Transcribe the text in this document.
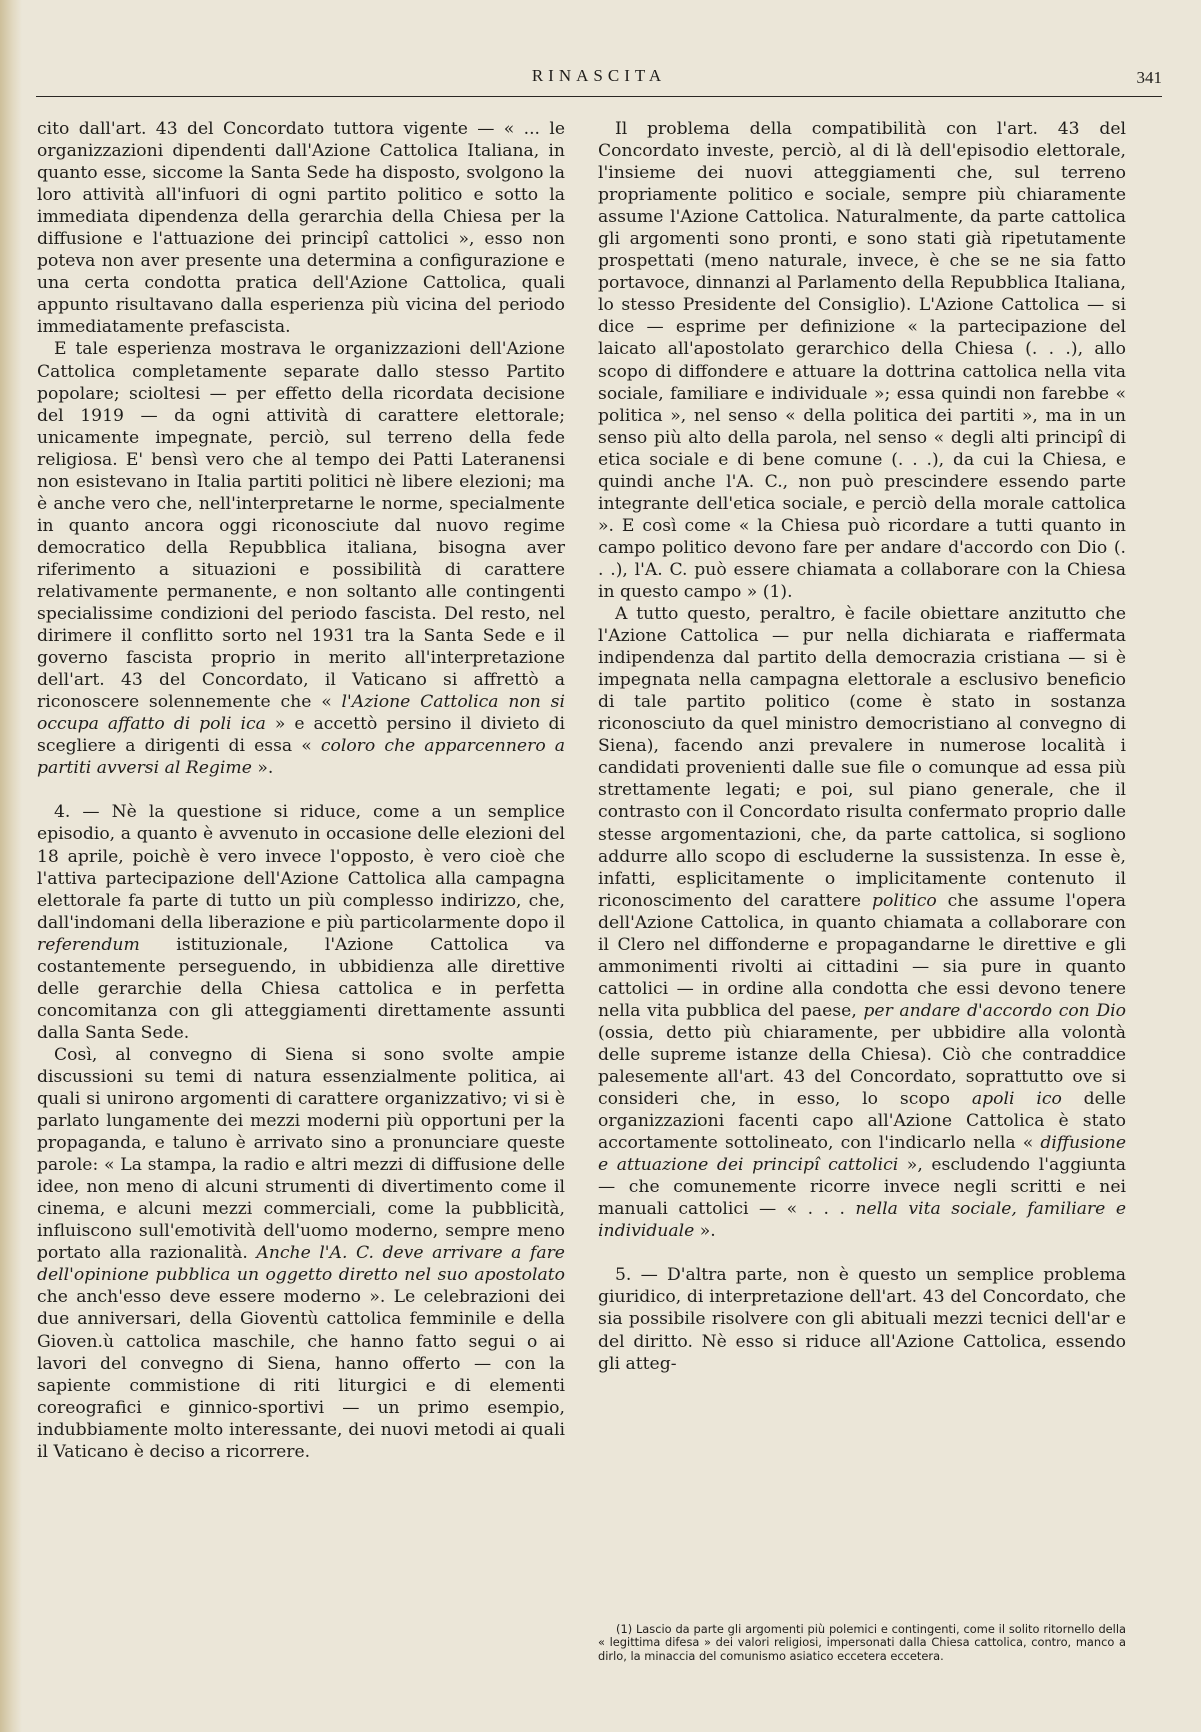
RINASCITA	341

cito dall'art. 43 del Concordato tuttora vigente — « ... le organizzazioni dipendenti dall'Azione Cattolica Italiana, in quanto esse, siccome la Santa Sede ha disposto, svolgono la loro attività all'infuori di ogni partito politico e sotto la immediata dipendenza della gerarchia della Chiesa per la diffusione e l'attuazione dei principî cattolici », esso non poteva non aver presente una determina a configurazione e una certa condotta pratica dell'Azione Cattolica, quali appunto risultavano dalla esperienza più vicina del periodo immediatamente prefascista.

E tale esperienza mostrava le organizzazioni dell'Azione Cattolica completamente separate dallo stesso Partito popolare; scioltesi — per effetto della ricordata decisione del 1919 — da ogni attività di carattere elettorale; unicamente impegnate, perciò, sul terreno della fede religiosa. E' bensì vero che al tempo dei Patti Lateranensi non esistevano in Italia partiti politici nè libere elezioni; ma è anche vero che, nell'interpretarne le norme, specialmente in quanto ancora oggi riconosciute dal nuovo regime democratico della Repubblica italiana, bisogna aver riferimento a situazioni e possibilità di carattere relativamente permanente, e non soltanto alle contingenti specialissime condizioni del periodo fascista. Del resto, nel dirimere il conflitto sorto nel 1931 tra la Santa Sede e il governo fascista proprio in merito all'interpretazione dell'art. 43 del Concordato, il Vaticano si affrettò a riconoscere solennemente che « l'Azione Cattolica non si occupa affatto di poli ica » e accettò persino il divieto di scegliere a dirigenti di essa « coloro che apparcennero a partiti avversi al Regime ».

4. — Nè la questione si riduce, come a un semplice episodio, a quanto è avvenuto in occasione delle elezioni del 18 aprile, poichè è vero invece l'opposto, è vero cioè che l'attiva partecipazione dell'Azione Cattolica alla campagna elettorale fa parte di tutto un più complesso indirizzo, che, dall'indomani della liberazione e più particolarmente dopo il referendum istituzionale, l'Azione Cattolica va costantemente perseguendo, in ubbidienza alle direttive delle gerarchie della Chiesa cattolica e in perfetta concomitanza con gli atteggiamenti direttamente assunti dalla Santa Sede.

Così, al convegno di Siena si sono svolte ampie discussioni su temi di natura essenzialmente politica, ai quali si unirono argomenti di carattere organizzativo; vi si è parlato lungamente dei mezzi moderni più opportuni per la propaganda, e taluno è arrivato sino a pronunciare queste parole: « La stampa, la radio e altri mezzi di diffusione delle idee, non meno di alcuni strumenti di divertimento come il cinema, e alcuni mezzi commerciali, come la pubblicità, influiscono sull'emotività dell'uomo moderno, sempre meno portato alla razionalità. Anche l'A. C. deve arrivare a fare dell'opinione pubblica un oggetto diretto nel suo apostolato che anch'esso deve essere moderno ». Le celebrazioni dei due anniversari, della Gioventù cattolica femminile e della Gioven.ù cattolica maschile, che hanno fatto segui o ai lavori del convegno di Siena, hanno offerto — con la sapiente commistione di riti liturgici e di elementi coreografici e ginnico-sportivi — un primo esempio, indubbiamente molto interessante, dei nuovi metodi ai quali il Vaticano è deciso a ricorrere.

Il problema della compatibilità con l'art. 43 del Concordato investe, perciò, al di là dell'episodio elettorale, l'insieme dei nuovi atteggiamenti che, sul terreno propriamente politico e sociale, sempre più chiaramente assume l'Azione Cattolica. Naturalmente, da parte cattolica gli argomenti sono pronti, e sono stati già ripetutamente prospettati (meno naturale, invece, è che se ne sia fatto portavoce, dinnanzi al Parlamento della Repubblica Italiana, lo stesso Presidente del Consiglio). L'Azione Cattolica — si dice — esprime per definizione « la partecipazione del laicato all'apostolato gerarchico della Chiesa (. . .), allo scopo di diffondere e attuare la dottrina cattolica nella vita sociale, familiare e individuale »; essa quindi non farebbe « politica », nel senso « della politica dei partiti », ma in un senso più alto della parola, nel senso « degli alti principî di etica sociale e di bene comune (. . .), da cui la Chiesa, e quindi anche l'A. C., non può prescindere essendo parte integrante dell'etica sociale, e perciò della morale cattolica ». E così come « la Chiesa può ricordare a tutti quanto in campo politico devono fare per andare d'accordo con Dio (. . .), l'A. C. può essere chiamata a collaborare con la Chiesa in questo campo » (1).

A tutto questo, peraltro, è facile obiettare anzitutto che l'Azione Cattolica — pur nella dichiarata e riaffermata indipendenza dal partito della democrazia cristiana — si è impegnata nella campagna elettorale a esclusivo beneficio di tale partito politico (come è stato in sostanza riconosciuto da quel ministro democristiano al convegno di Siena), facendo anzi prevalere in numerose località i candidati provenienti dalle sue file o comunque ad essa più strettamente legati; e poi, sul piano generale, che il contrasto con il Concordato risulta confermato proprio dalle stesse argomentazioni, che, da parte cattolica, si sogliono addurre allo scopo di escluderne la sussistenza. In esse è, infatti, esplicitamente o implicitamente contenuto il riconoscimento del carattere politico che assume l'opera dell'Azione Cattolica, in quanto chiamata a collaborare con il Clero nel diffonderne e propagandarne le direttive e gli ammonimenti rivolti ai cittadini — sia pure in quanto cattolici — in ordine alla condotta che essi devono tenere nella vita pubblica del paese, per andare d'accordo con Dio (ossia, detto più chiaramente, per ubbidire alla volontà delle supreme istanze della Chiesa). Ciò che contraddice palesemente all'art. 43 del Concordato, soprattutto ove si consideri che, in esso, lo scopo apoli ico delle organizzazioni facenti capo all'Azione Cattolica è stato accortamente sottolineato, con l'indicarlo nella « diffusione e attuazione dei principî cattolici », escludendo l'aggiunta — che comunemente ricorre invece negli scritti e nei manuali cattolici — « . . . nella vita sociale, familiare e individuale ».

5. — D'altra parte, non è questo un semplice problema giuridico, di interpretazione dell'art. 43 del Concordato, che sia possibile risolvere con gli abituali mezzi tecnici dell'ar e del diritto. Nè esso si riduce all'Azione Cattolica, essendo gli atteg-

(1) Lascio da parte gli argomenti più polemici e contingenti, come il solito ritornello della « legittima difesa » dei valori religiosi, impersonati dalla Chiesa cattolica, contro, manco a dirlo, la minaccia del comunismo asiatico eccetera eccetera.
